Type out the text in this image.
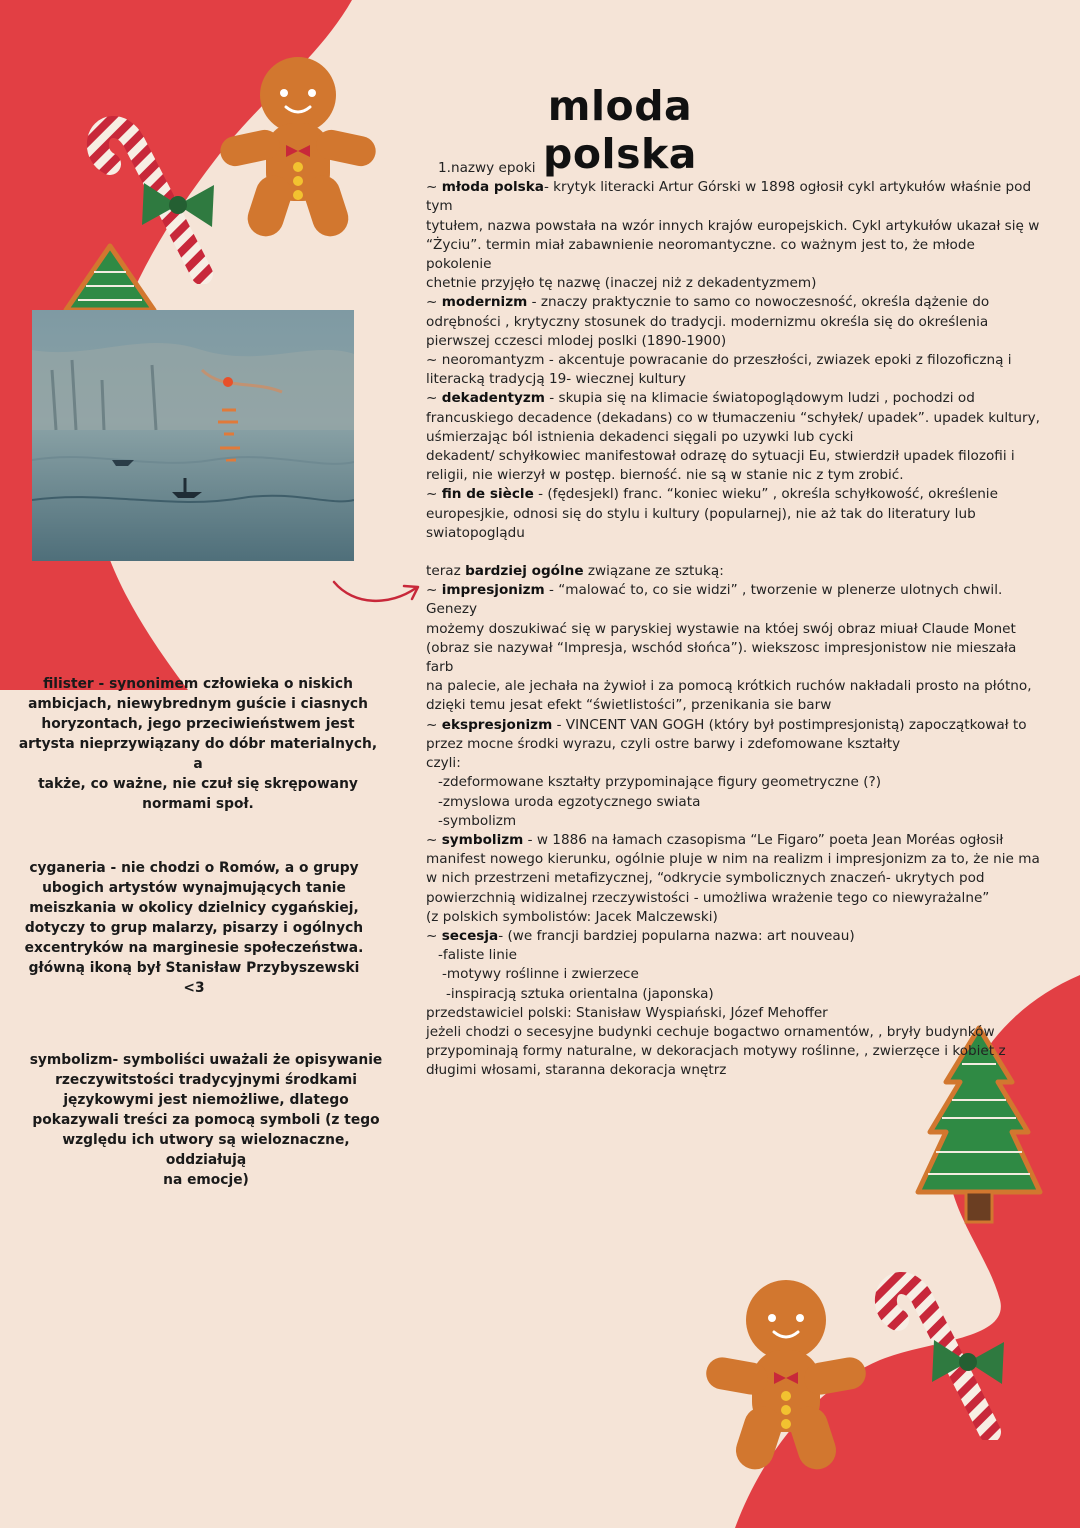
mloda polska

1.nazwy epoki

~ młoda polska- krytyk literacki Artur Górski w 1898 ogłosił cykl artykułów właśnie pod tym

tytułem, nazwa powstała na wzór innych krajów europejskich. Cykl artykułów ukazał się w

“Życiu”. termin miał zabawnienie neoromantyczne. co ważnym jest to, że młode pokolenie

chetnie przyjęło tę nazwę (inaczej niż z dekadentyzmem)

~ modernizm - znaczy praktycznie to samo co nowoczesność, określa dążenie do

odrębności , krytyczny stosunek do tradycji. modernizmu określa się do określenia

pierwszej cczesci mlodej poslki (1890-1900)

~ neoromantyzm - akcentuje powracanie do przeszłości, zwiazek epoki z filozoficzną i

literacką tradycją 19- wiecznej kultury

~ dekadentyzm - skupia się na klimacie światopoglądowym ludzi , pochodzi od

francuskiego decadence (dekadans) co w tłumaczeniu “schyłek/ upadek”. upadek kultury,

uśmierzając ból istnienia dekadenci sięgali po uzywki lub cycki

dekadent/ schyłkowiec manifestował odrazę do sytuacji Eu, stwierdził upadek filozofii i

religii, nie wierzył w postęp. bierność. nie są w stanie nic z tym zrobić.

~ fin de siècle - (fędesjekl) franc. “koniec wieku” , określa schyłkowość, określenie

europesjkie, odnosi się do stylu i kultury (popularnej), nie aż tak do literatury lub

swiatopoglądu

teraz bardziej ogólne związane ze sztuką:

~ impresjonizm - “malować to, co sie widzi” , tworzenie w plenerze ulotnych chwil. Genezy

możemy doszukiwać się w paryskiej wystawie na któej swój obraz miuał Claude Monet

(obraz sie nazywał “Impresja, wschód słońca”). wiekszosc impresjonistow nie mieszała farb

na palecie, ale jechała na żywioł i za pomocą krótkich ruchów nakładali prosto na płótno,

dzięki temu jesat efekt “świetlistości”, przenikania sie barw

~ ekspresjonizm - VINCENT VAN GOGH (który był postimpresjonistą) zapoczątkował to

przez mocne środki wyrazu, czyli ostre barwy i zdefomowane kształty

czyli:

-zdeformowane kształty przypominające figury geometryczne (?)

-zmyslowa uroda egzotycznego swiata

-symbolizm

~ symbolizm - w 1886 na łamach czasopisma “Le Figaro” poeta Jean Moréas ogłosił

manifest nowego kierunku, ogólnie pluje w nim na realizm i impresjonizm za to, że nie ma

w nich przestrzeni metafizycznej, “odkrycie symbolicznych znaczeń- ukrytych pod

powierzchnią widizalnej rzeczywistości - umożliwa wrażenie tego co niewyrażalne”

(z polskich symbolistów: Jacek Malczewski)

~ secesja- (we francji bardziej popularna nazwa: art nouveau)

-faliste linie

-motywy roślinne i zwierzece

-inspiracją sztuka orientalna (japonska)

przedstawiciel polski: Stanisław Wyspiański, Józef Mehoffer

jeżeli chodzi o secesyjne budynki cechuje bogactwo ornamentów, , bryły budynków

przypominają formy naturalne, w dekoracjach motywy roślinne, , zwierzęce i kobiet z

długimi włosami, staranna dekoracja wnętrz

filister - synonimem człowieka o niskich
ambicjach, niewybrednym guście i ciasnych
horyzontach, jego przeciwieństwem jest
artysta nieprzywiązany do dóbr materialnych, a
także, co ważne, nie czuł się skrępowany
normami społ.
cyganeria - nie chodzi o Romów, a o grupy
ubogich artystów wynajmujących tanie
meiszkania w okolicy dzielnicy cygańskiej,
dotyczy to grup malarzy, pisarzy i ogólnych
excentryków na marginesie społeczeństwa.
główną ikoną był Stanisław Przybyszewski <3
symbolizm- symboliści uważali że opisywanie
rzeczywitstości tradycyjnymi środkami
językowymi jest niemożliwe, dlatego
pokazywali treści za pomocą symboli (z tego
względu ich utwory są wieloznaczne, oddziałują
na emocje)
